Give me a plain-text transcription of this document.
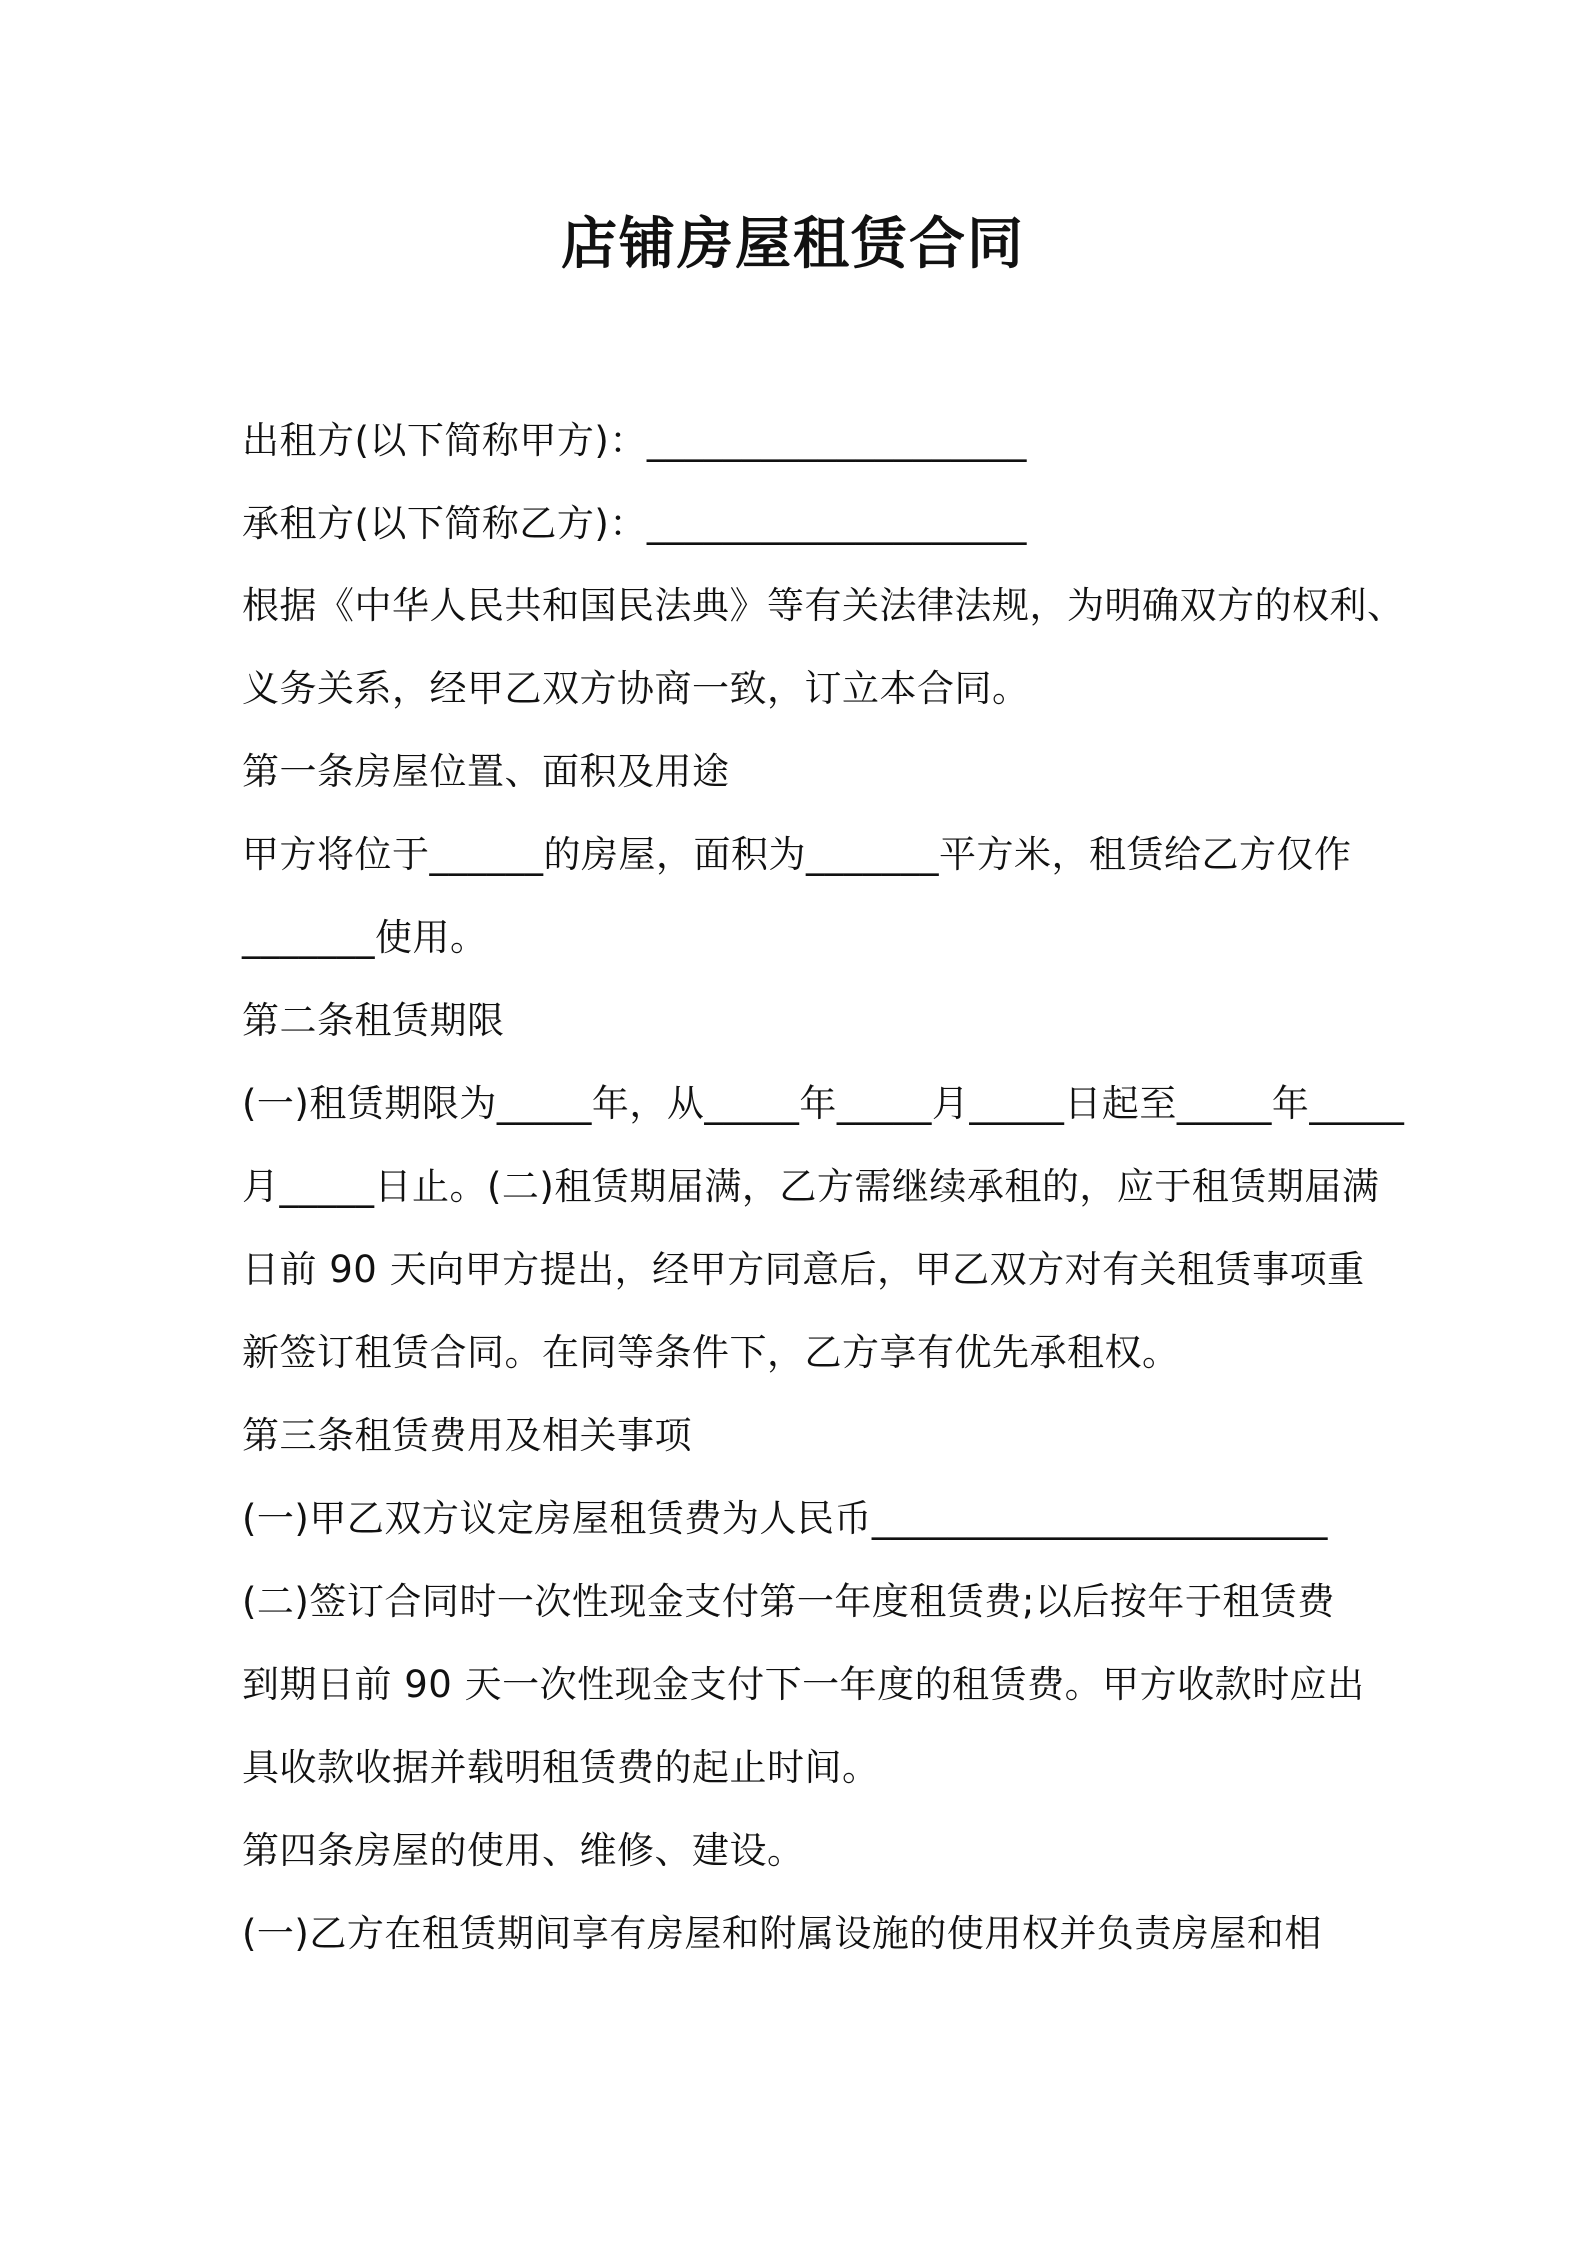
店铺房屋租赁合同
出租方(以下简称甲方)：____________________
承租方(以下简称乙方)：____________________
根据《中华人民共和国民法典》等有关法律法规，为明确双方的权利、
义务关系，经甲乙双方协商一致，订立本合同。
第一条房屋位置、面积及用途
甲方将位于______的房屋，面积为_______平方米，租赁给乙方仅作
_______使用。
第二条租赁期限
(一)租赁期限为_____年，从_____年_____月_____日起至_____年_____
月_____日止。(二)租赁期届满，乙方需继续承租的，应于租赁期届满
日前 90 天向甲方提出，经甲方同意后，甲乙双方对有关租赁事项重
新签订租赁合同。在同等条件下，乙方享有优先承租权。
第三条租赁费用及相关事项
(一)甲乙双方议定房屋租赁费为人民币________________________
(二)签订合同时一次性现金支付第一年度租赁费;以后按年于租赁费
到期日前 90 天一次性现金支付下一年度的租赁费。甲方收款时应出
具收款收据并载明租赁费的起止时间。
第四条房屋的使用、维修、建设。
(一)乙方在租赁期间享有房屋和附属设施的使用权并负责房屋和相
